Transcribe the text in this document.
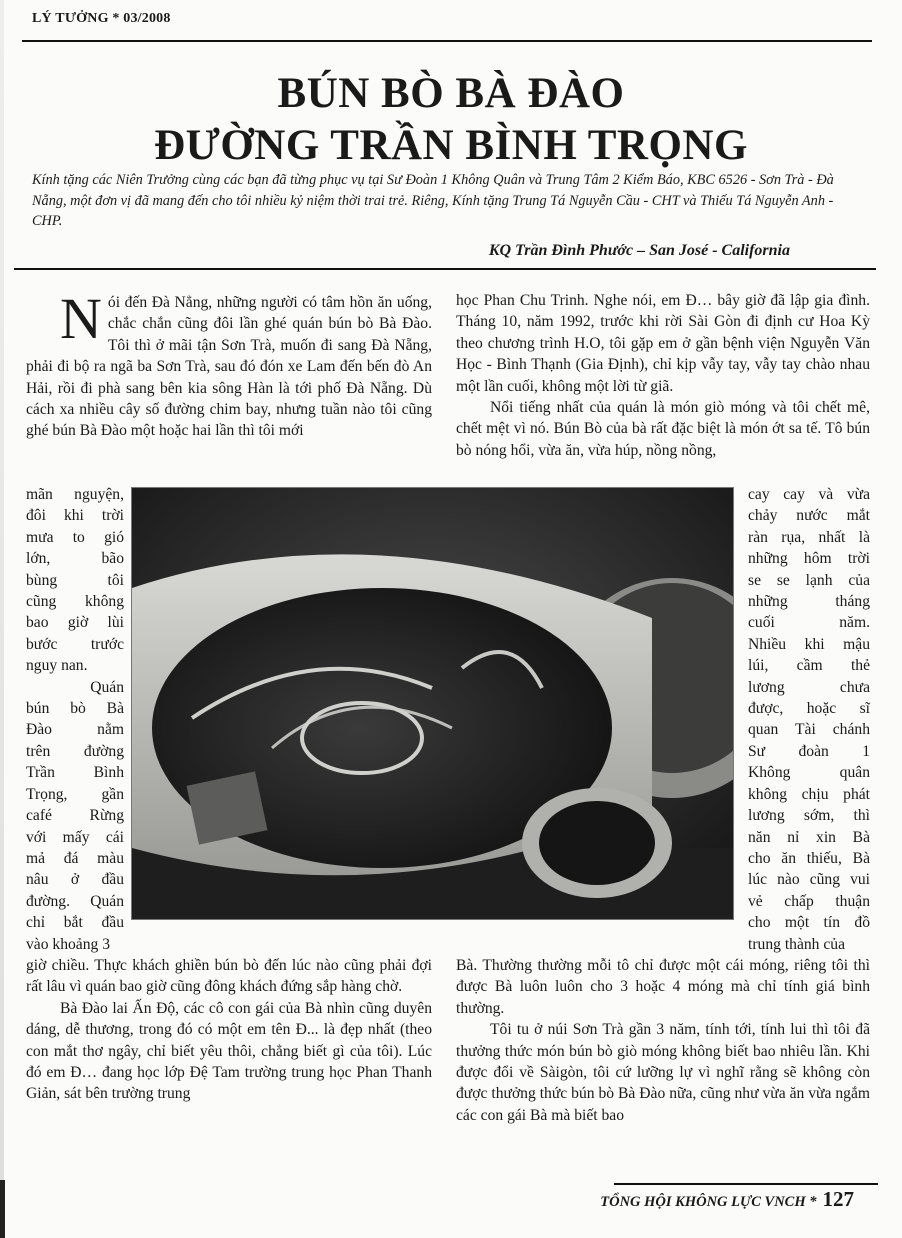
LÝ TƯỞNG * 03/2008
BÚN BÒ BÀ ĐÀO
ĐƯỜNG TRẦN BÌNH TRỌNG
Kính tặng các Niên Trưởng cùng các bạn đã từng phục vụ tại Sư Đoàn 1 Không Quân và Trung Tâm 2 Kiểm Báo, KBC 6526 - Sơn Trà - Đà Nẵng, một đơn vị đã mang đến cho tôi nhiều kỷ niệm thời trai trẻ. Riêng, Kính tặng Trung Tá Nguyễn Cầu - CHT và Thiếu Tá Nguyễn Anh - CHP.
KQ Trần Đình Phước – San José - California

N ói đến Đà Nẳng, những người có tâm hồn ăn uống, chắc chắn cũng đôi lần ghé quán bún bò Bà Đào. Tôi thì ở mãi tận Sơn Trà, muốn đi sang Đà Nẵng, phải đi bộ ra ngã ba Sơn Trà, sau đó đón xe Lam đến bến đò An Hải, rồi đi phà sang bên kia sông Hàn là tới phố Đà Nẵng. Dù cách xa nhiều cây số đường chim bay, nhưng tuần nào tôi cũng ghé bún Bà Đào một hoặc hai lần thì tôi mới

mãn nguyện,
đôi khi trời
mưa to gió
lớn, bão
bùng tôi
cũng không
bao giờ lùi
bước trước
nguy nan.
Quán
bún bò Bà
Đào nằm
trên đường
Trần Bình
Trọng, gần
café Rừng
với mấy cái
mả đá màu
nâu ở đầu
đường. Quán
chỉ bắt đầu
vào khoảng 3

giờ chiều. Thực khách ghiền bún bò đến lúc nào cũng phải đợi rất lâu vì quán bao giờ cũng đông khách đứng sắp hàng chờ.

Bà Đào lai Ấn Độ, các cô con gái của Bà nhìn cũng duyên dáng, dễ thương, trong đó có một em tên Đ... là đẹp nhất (theo con mắt thơ ngây, chỉ biết yêu thôi, chẳng biết gì của tôi). Lúc đó em Đ… đang học lớp Đệ Tam trường trung học Phan Thanh Giản, sát bên trường trung

học Phan Chu Trinh. Nghe nói, em Đ… bây giờ đã lập gia đình. Tháng 10, năm 1992, trước khi rời Sài Gòn đi định cư Hoa Kỳ theo chương trình H.O, tôi gặp em ở gần bệnh viện Nguyễn Văn Học - Bình Thạnh (Gia Định), chỉ kịp vẫy tay, vẫy tay chào nhau một lần cuối, không một lời từ giã.

Nổi tiếng nhất của quán là món giò móng và tôi chết mê, chết mệt vì nó. Bún Bò của bà rất đặc biệt là món ớt sa tế. Tô bún bò nóng hổi, vừa ăn, vừa húp, nồng nồng,

cay cay và vừa
chảy nước mắt
ràn rụa, nhất là
những hôm trời
se se lạnh của
những tháng
cuối năm.
Nhiều khi mậu
lúi, cầm thẻ
lương chưa
được, hoặc sĩ
quan Tài chánh
Sư đoàn 1
Không quân
không chịu phát
lương sớm, thì
năn nỉ xin Bà
cho ăn thiếu, Bà
lúc nào cũng vui
vẻ chấp thuận
cho một tín đồ
trung thành của

Bà. Thường thường mỗi tô chỉ được một cái móng, riêng tôi thì được Bà luôn luôn cho 3 hoặc 4 móng mà chỉ tính giá bình thường.

Tôi tu ở núi Sơn Trà gần 3 năm, tính tới, tính lui thì tôi đã thưởng thức món bún bò giò móng không biết bao nhiêu lần. Khi được đổi về Sàigòn, tôi cứ lưỡng lự vì nghĩ rằng sẽ không còn được thưởng thức bún bò Bà Đào nữa, cũng như vừa ăn vừa ngắm các con gái Bà mà biết bao

TỔNG HỘI KHÔNG LỰC VNCH * 127
